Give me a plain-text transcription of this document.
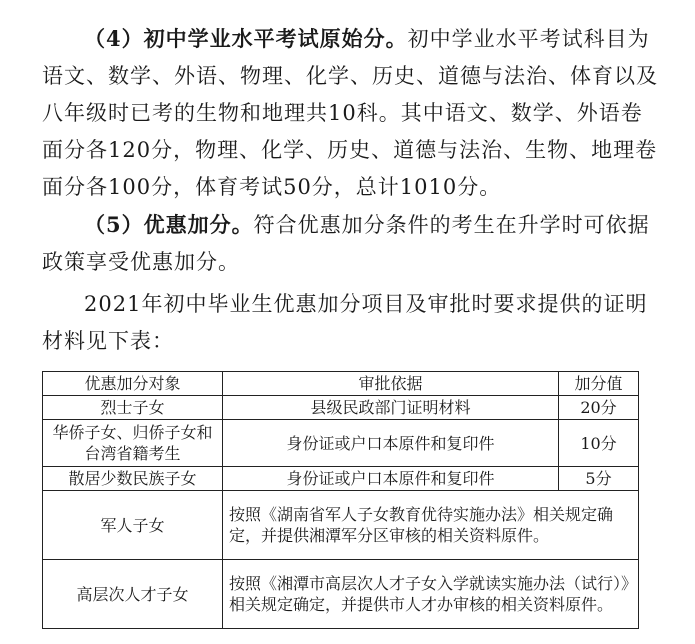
（4）初中学业水平考试原始分。初中学业水平考试科目为语文、数学、外语、物理、化学、历史、道德与法治、体育以及八年级时已考的生物和地理共10科。其中语文、数学、外语卷面分各120分，物理、化学、历史、道德与法治、生物、地理卷面分各100分，体育考试50分，总计1010分。

（5）优惠加分。符合优惠加分条件的考生在升学时可依据政策享受优惠加分。

2021年初中毕业生优惠加分项目及审批时要求提供的证明材料见下表：

优惠加分对象	审批依据	加分值
烈士子女	县级民政部门证明材料	20分
华侨子女、归侨子女和台湾省籍考生	身份证或户口本原件和复印件	10分
散居少数民族子女	身份证或户口本原件和复印件	5分
军人子女	按照《湖南省军人子女教育优待实施办法》相关规定确定，并提供湘潭军分区审核的相关资料原件。	
高层次人才子女	按照《湘潭市高层次人才子女入学就读实施办法（试行）》相关规定确定，并提供市人才办审核的相关资料原件。	
